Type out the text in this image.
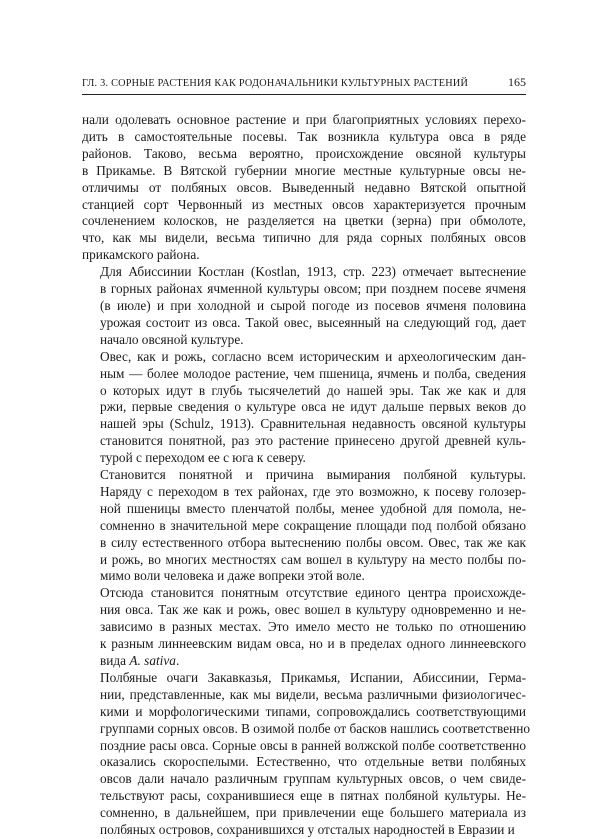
ГЛ. 3. СОРНЫЕ РАСТЕНИЯ КАК РОДОНАЧАЛЬНИКИ КУЛЬТУРНЫХ РАСТЕНИЙ	165

нали одолевать основное растение и при благоприятных условиях перехо-
дить в самостоятельные посевы. Так возникла культура овса в ряде
районов. Таково, весьма вероятно, происхождение овсяной культуры
в Прикамье. В Вятской губернии многие местные культурные овсы не-
отличимы от полбяных овсов. Выведенный недавно Вятской опытной
станцией сорт Червонный из местных овсов характеризуется прочным
сочленением колосков, не разделяется на цветки (зерна) при обмолоте,
что, как мы видели, весьма типично для ряда сорных полбяных овсов
прикамского района.

Для Абиссинии Костлан (Kostlan, 1913, стр. 223) отмечает вытеснение
в горных районах ячменной культуры овсом; при позднем посеве ячменя
(в июле) и при холодной и сырой погоде из посевов ячменя половина
урожая состоит из овса. Такой овес, высеянный на следующий год, дает
начало овсяной культуре.

Овес, как и рожь, согласно всем историческим и археологическим дан-
ным — более молодое растение, чем пшеница, ячмень и полба, сведения
о которых идут в глубь тысячелетий до нашей эры. Так же как и для
ржи, первые сведения о культуре овса не идут дальше первых веков до
нашей эры (Schulz, 1913). Сравнительная недавность овсяной культуры
становится понятной, раз это растение принесено другой древней куль-
турой с переходом ее с юга к северу.

Становится понятной и причина вымирания полбяной культуры.
Наряду с переходом в тех районах, где это возможно, к посеву голозер-
ной пшеницы вместо пленчатой полбы, менее удобной для помола, не-
сомненно в значительной мере сокращение площади под полбой обязано
в силу естественного отбора вытеснению полбы овсом. Овес, так же как
и рожь, во многих местностях сам вошел в культуру на место полбы по-
мимо воли человека и даже вопреки этой воле.

Отсюда становится понятным отсутствие единого центра происхожде-
ния овса. Так же как и рожь, овес вошел в культуру одновременно и не-
зависимо в разных местах. Это имело место не только по отношению
к разным линнеевским видам овса, но и в пределах одного линнеевского
вида A. sativa.

Полбяные очаги Закавказья, Прикамья, Испании, Абиссинии, Герма-
нии, представленные, как мы видели, весьма различными физиологичес-
кими и морфологическими типами, сопровождались соответствующими
группами сорных овсов. В озимой полбе от басков нашлись соответственно
поздние расы овса. Сорные овсы в ранней волжской полбе соответственно
оказались скороспелыми. Естественно, что отдельные ветви полбяных
овсов дали начало различным группам культурных овсов, о чем свиде-
тельствуют расы, сохранившиеся еще в пятнах полбяной культуры. Не-
сомненно, в дальнейшем, при привлечении еще большего материала из
полбяных островов, сохранившихся у отсталых народностей в Евразии и
